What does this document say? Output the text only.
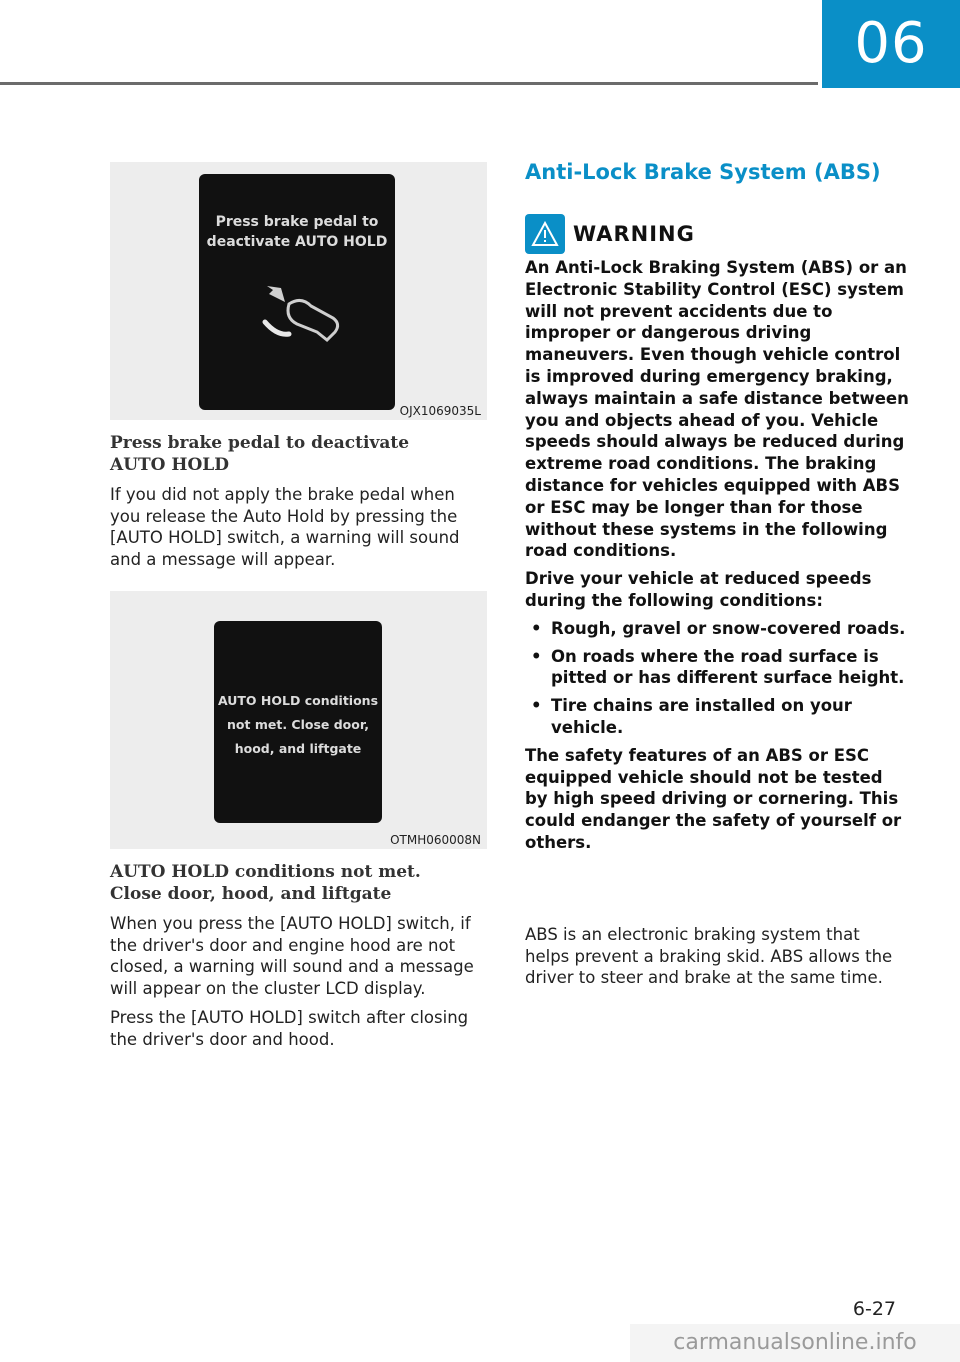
06
Press brake pedal to
deactivate AUTO HOLD
OJX1069035L

Press brake pedal to deactivate
AUTO HOLD

If you did not apply the brake pedal when you release the Auto Hold by pressing the [AUTO HOLD] switch, a warning will sound and a message will appear.

AUTO HOLD conditions
not met. Close door,
hood, and liftgate
OTMH060008N

AUTO HOLD conditions not met.
Close door, hood, and liftgate

When you press the [AUTO HOLD] switch, if the driver's door and engine hood are not closed, a warning will sound and a message will appear on the cluster LCD display.

Press the [AUTO HOLD] switch after closing the driver's door and hood.

Anti-Lock Brake System (ABS)
WARNING

An Anti-Lock Braking System (ABS) or an Electronic Stability Control (ESC) system will not prevent accidents due to improper or dangerous driving maneuvers. Even though vehicle control is improved during emergency braking, always maintain a safe distance between you and objects ahead of you. Vehicle speeds should always be reduced during extreme road conditions. The braking distance for vehicles equipped with ABS or ESC may be longer than for those without these systems in the following road conditions.

Drive your vehicle at reduced speeds during the following conditions:

• Rough, gravel or snow-covered roads.
• On roads where the road surface is pitted or has different surface height.
• Tire chains are installed on your vehicle.

The safety features of an ABS or ESC equipped vehicle should not be tested by high speed driving or cornering. This could endanger the safety of yourself or others.

ABS is an electronic braking system that helps prevent a braking skid. ABS allows the driver to steer and brake at the same time.

6-27
carmanualsonline.info
